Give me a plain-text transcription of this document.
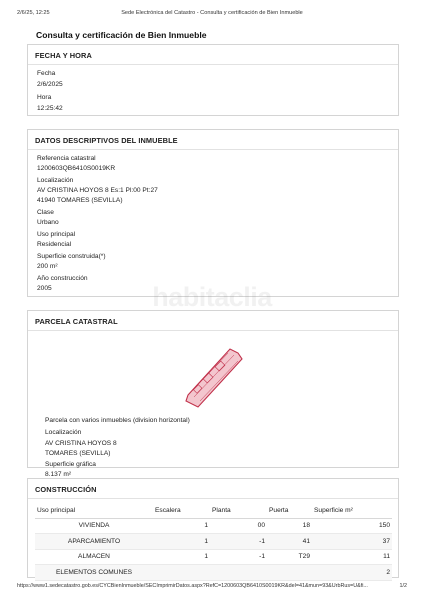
2/6/25, 12:25	Sede Electrónica del Catastro - Consulta y certificación de Bien Inmueble
Consulta y certificación de Bien Inmueble
FECHA Y HORA
Fecha
2/6/2025
Hora
12:25:42
DATOS DESCRIPTIVOS DEL INMUEBLE
Referencia catastral
1200603QB6410S0019KR
Localización
AV CRISTINA HOYOS 8 Es:1 Pl:00 Pt:27
41940 TOMARES (SEVILLA)
Clase
Urbano
Uso principal
Residencial
Superficie construida(*)
200 m²
Año construcción
2005	habitaclia
PARCELA CATASTRAL
Parcela con varios inmuebles (division horizontal)
Localización
AV CRISTINA HOYOS 8
TOMARES (SEVILLA)
Superficie gráfica
8.137 m²
CONSTRUCCIÓN
Uso principal	Escalera	Planta	Puerta	Superficie m²
VIVIENDA	1	00	18	150
APARCAMIENTO	1	-1	41	37
ALMACEN	1	-1	T29	11
ELEMENTOS COMUNES				2
https://www1.sedecatastro.gob.es/CYCBienInmueble/SECImprimirDatos.aspx?RefC=1200603QB6410S0019KR&del=41&mun=93&UrbRus=U&fi...	1/2
